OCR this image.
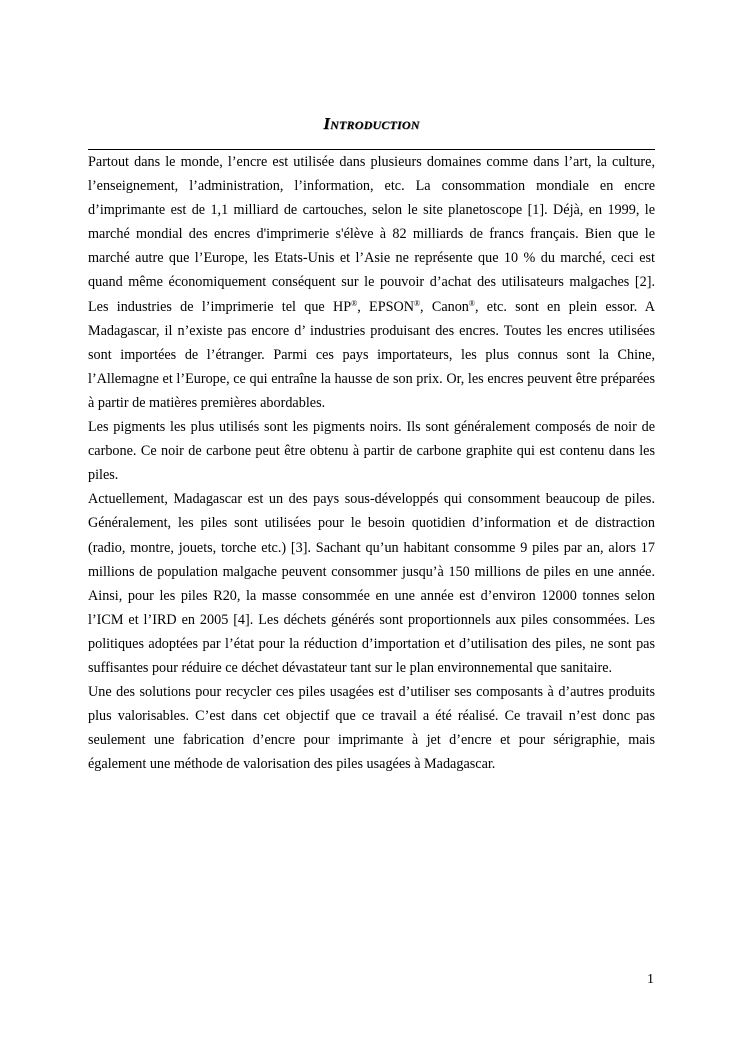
Introduction

Partout dans le monde, l’encre est utilisée dans plusieurs domaines comme dans l’art, la culture, l’enseignement, l’administration, l’information, etc. La consommation mondiale en encre d’imprimante est de 1,1 milliard de cartouches, selon le site planetoscope [1]. Déjà, en 1999, le marché mondial des encres d'imprimerie s'élève à 82 milliards de francs français. Bien que le marché autre que l’Europe, les Etats-Unis et l’Asie ne représente que 10 % du marché, ceci est quand même économiquement conséquent sur le pouvoir d’achat des utilisateurs malgaches [2]. Les industries de l’imprimerie tel que HP®, EPSON®, Canon®, etc. sont en plein essor. A Madagascar, il n’existe pas encore d’ industries produisant des encres. Toutes les encres utilisées sont importées de l’étranger. Parmi ces pays importateurs, les plus connus sont la Chine, l’Allemagne et l’Europe, ce qui entraîne la hausse de son prix. Or, les encres peuvent être préparées à partir de matières premières abordables.

Les pigments les plus utilisés sont les pigments noirs. Ils sont généralement composés de noir de carbone. Ce noir de carbone peut être obtenu à partir de carbone graphite qui est contenu dans les piles.

Actuellement, Madagascar est un des pays sous-développés qui consomment beaucoup de piles. Généralement, les piles sont utilisées pour le besoin quotidien d’information et de distraction (radio, montre, jouets, torche etc.) [3]. Sachant qu’un habitant consomme 9 piles par an, alors 17 millions de population malgache peuvent consommer jusqu’à 150 millions de piles en une année. Ainsi, pour les piles R20, la masse consommée en une année est d’environ 12000 tonnes selon l’ICM et l’IRD en 2005 [4]. Les déchets générés sont proportionnels aux piles consommées. Les politiques adoptées par l’état pour la réduction d’importation et d’utilisation des piles, ne sont pas suffisantes pour réduire ce déchet dévastateur tant sur le plan environnemental que sanitaire.

Une des solutions pour recycler ces piles usagées est d’utiliser ses composants à d’autres produits plus valorisables. C’est dans cet objectif que ce travail a été réalisé. Ce travail n’est donc pas seulement une fabrication d’encre pour imprimante à jet d’encre et pour sérigraphie, mais également une méthode de valorisation des piles usagées à Madagascar.

1
